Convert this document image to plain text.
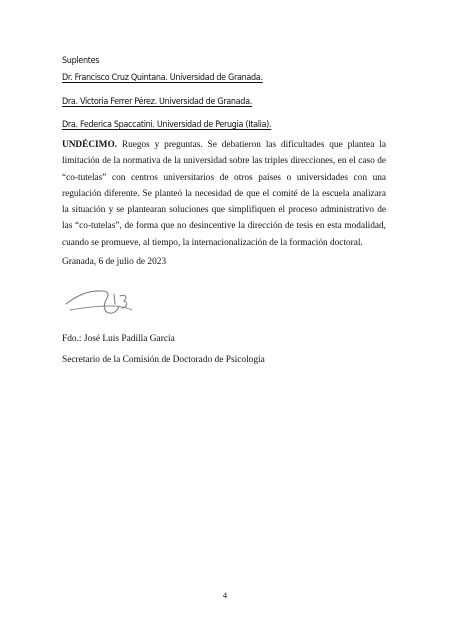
Suplentes
Dr. Francisco Cruz Quintana. Universidad de Granada.
Dra. Victoria Ferrer Pérez. Universidad de Granada.
Dra. Federica Spaccatini. Universidad de Perugia (Italia).
UNDÉCIMO. Ruegos y preguntas. Se debatieron las dificultades que plantea la limitación de la normativa de la universidad sobre las triples direcciones, en el caso de “co-tutelas” con centros universitarios de otros países o universidades con una regulación diferente. Se planteó la necesidad de que el comité de la escuela analizara la situación y se plantearan soluciones que simplifiquen el proceso administrativo de las “co-tutelas”, de forma que no desincentive la dirección de tesis en esta modalidad, cuando se promueve, al tiempo, la internacionalización de la formación doctoral.
Granada, 6 de julio de 2023
Fdo.: José Luis Padilla García
Secretario de la Comisión de Doctorado de Psicología
4
